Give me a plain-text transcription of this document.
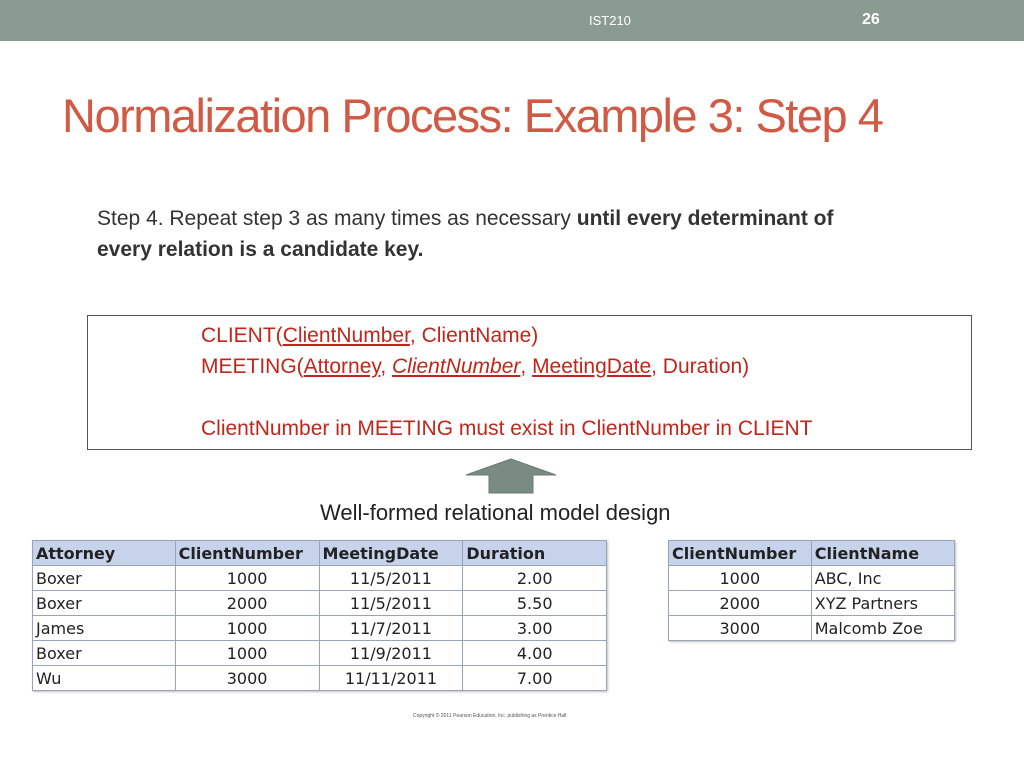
IST210	26
Normalization Process: Example 3: Step 4
Step 4. Repeat step 3 as many times as necessary until every determinant of every relation is a candidate key.
CLIENT(ClientNumber, ClientName)
MEETING(Attorney, ClientNumber, MeetingDate, Duration)
ClientNumber in MEETING must exist in ClientNumber in CLIENT
Well-formed relational model design
Attorney	ClientNumber	MeetingDate	Duration
Boxer	1000	11/5/2011	2.00
Boxer	2000	11/5/2011	5.50
James	1000	11/7/2011	3.00
Boxer	1000	11/9/2011	4.00
Wu	3000	11/11/2011	7.00
ClientNumber	ClientName
1000	ABC, Inc
2000	XYZ Partners
3000	Malcomb Zoe
Copyright © 2011 Pearson Education, Inc. publishing as Prentice Hall
